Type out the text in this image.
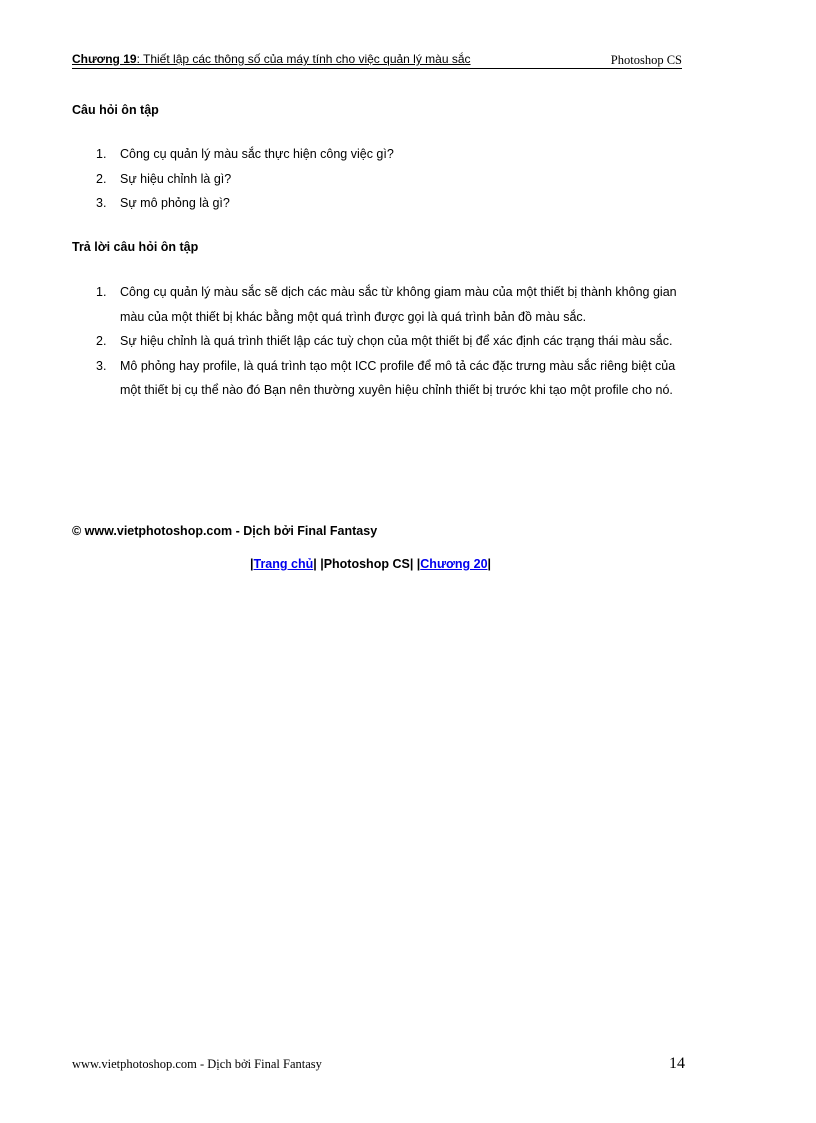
Chương 19: Thiết lập các thông số của máy tính cho việc quản lý màu sắc	Photoshop CS
Câu hỏi ôn tập
1. Công cụ quản lý màu sắc thực hiện công việc gì?
2. Sự hiệu chỉnh là gì?
3. Sự mô phỏng là gì?
Trả lời câu hỏi ôn tập
1. Công cụ quản lý màu sắc sẽ dịch các màu sắc từ không giam màu của một thiết bị thành không gian màu của một thiết bị khác bằng một quá trình được gọi là quá trình bản đồ màu sắc.
2. Sự hiệu chỉnh là quá trình thiết lập các tuỳ chọn của một thiết bị để xác định các trạng thái màu sắc.
3. Mô phỏng hay profile, là quá trình tạo một ICC profile để mô tả các đặc trưng màu sắc riêng biệt của một thiết bị cụ thể nào đó Bạn nên thường xuyên hiệu chỉnh thiết bị trước khi tạo một profile cho nó.
© www.vietphotoshop.com - Dịch bởi Final Fantasy
|Trang chủ| |Photoshop CS| |Chương 20|
www.vietphotoshop.com - Dịch bởi Final Fantasy	14
